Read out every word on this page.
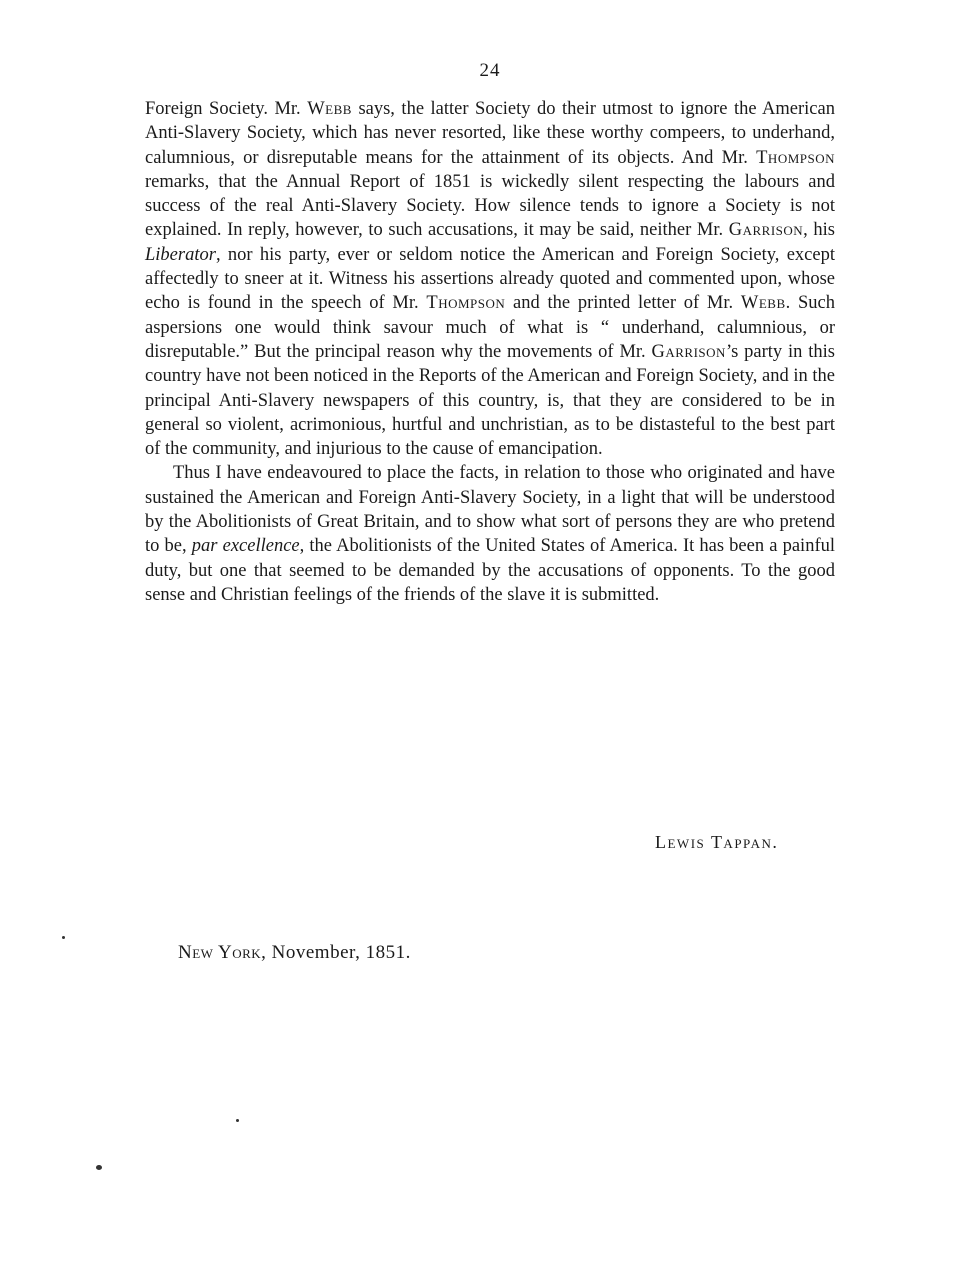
24

Foreign Society. Mr. Webb says, the latter Society do their utmost to ignore the American Anti-Slavery Society, which has never resorted, like these worthy compeers, to underhand, calumnious, or disreputable means for the attainment of its objects. And Mr. Thompson remarks, that the Annual Report of 1851 is wickedly silent respecting the labours and success of the real Anti-Slavery Society. How silence tends to ignore a Society is not explained. In reply, however, to such accusations, it may be said, neither Mr. Garrison, his Liberator, nor his party, ever or seldom notice the American and Foreign Society, except affectedly to sneer at it. Witness his assertions already quoted and commented upon, whose echo is found in the speech of Mr. Thompson and the printed letter of Mr. Webb. Such aspersions one would think savour much of what is “ underhand, calumnious, or disreputable.” But the principal reason why the movements of Mr. Garrison’s party in this country have not been noticed in the Reports of the American and Foreign Society, and in the principal Anti-Slavery newspapers of this country, is, that they are considered to be in general so violent, acrimonious, hurtful and unchristian, as to be distasteful to the best part of the community, and injurious to the cause of emancipation.

Thus I have endeavoured to place the facts, in relation to those who originated and have sustained the American and Foreign Anti-Slavery Society, in a light that will be understood by the Abolitionists of Great Britain, and to show what sort of persons they are who pretend to be, par excellence, the Abolitionists of the United States of America. It has been a painful duty, but one that seemed to be demanded by the accusations of opponents. To the good sense and Christian feelings of the friends of the slave it is submitted.

Lewis Tappan.
New York, November, 1851.
